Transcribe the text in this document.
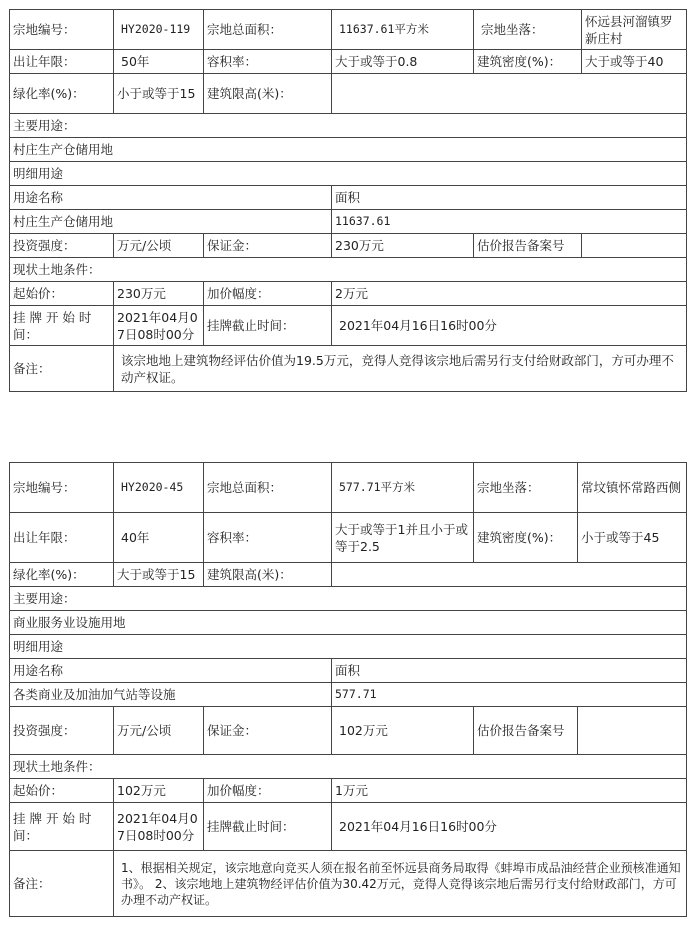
宗地编号：	HY2020-119	宗地总面积：	11637.61平方米	宗地坐落：	怀远县河溜镇罗新庄村
出让年限：	50年	容积率：	大于或等于0.8	建筑密度(%)：	大于或等于40
绿化率(%)：	小于或等于15	建筑限高(米)：			
主要用途：					
村庄生产仓储用地					
明细用途					
用途名称			面积		
村庄生产仓储用地			11637.61		
投资强度：	万元/公顷	保证金：	230万元	估价报告备案号	
现状土地条件：					
起始价：	230万元	加价幅度：	2万元		
挂 牌 开 始 时 间：	2021年04月07日08时00分	挂牌截止时间：	2021年04月16日16时00分		
备注：	该宗地地上建筑物经评估价值为19.5万元，竞得人竞得该宗地后需另行支付给财政部门，方可办理不动产权证。				
宗地编号：	HY2020-45	宗地总面积：	577.71平方米	宗地坐落：	常坟镇怀常路西侧
出让年限：	40年	容积率：	大于或等于1并且小于或等于2.5	建筑密度(%)：	小于或等于45
绿化率(%)：	大于或等于15	建筑限高(米)：			
主要用途：					
商业服务业设施用地					
明细用途					
用途名称			面积		
各类商业及加油加气站等设施			577.71		
投资强度：	万元/公顷	保证金：	102万元	估价报告备案号	
现状土地条件：					
起始价：	102万元	加价幅度：	1万元		
挂 牌 开 始 时 间：	2021年04月07日08时00分	挂牌截止时间：	2021年04月16日16时00分		
备注：	1、根据相关规定，该宗地意向竞买人须在报名前至怀远县商务局取得《蚌埠市成品油经营企业预核准通知书》。 2、该宗地地上建筑物经评估价值为30.42万元，竞得人竞得该宗地后需另行支付给财政部门，方可办理不动产权证。				
